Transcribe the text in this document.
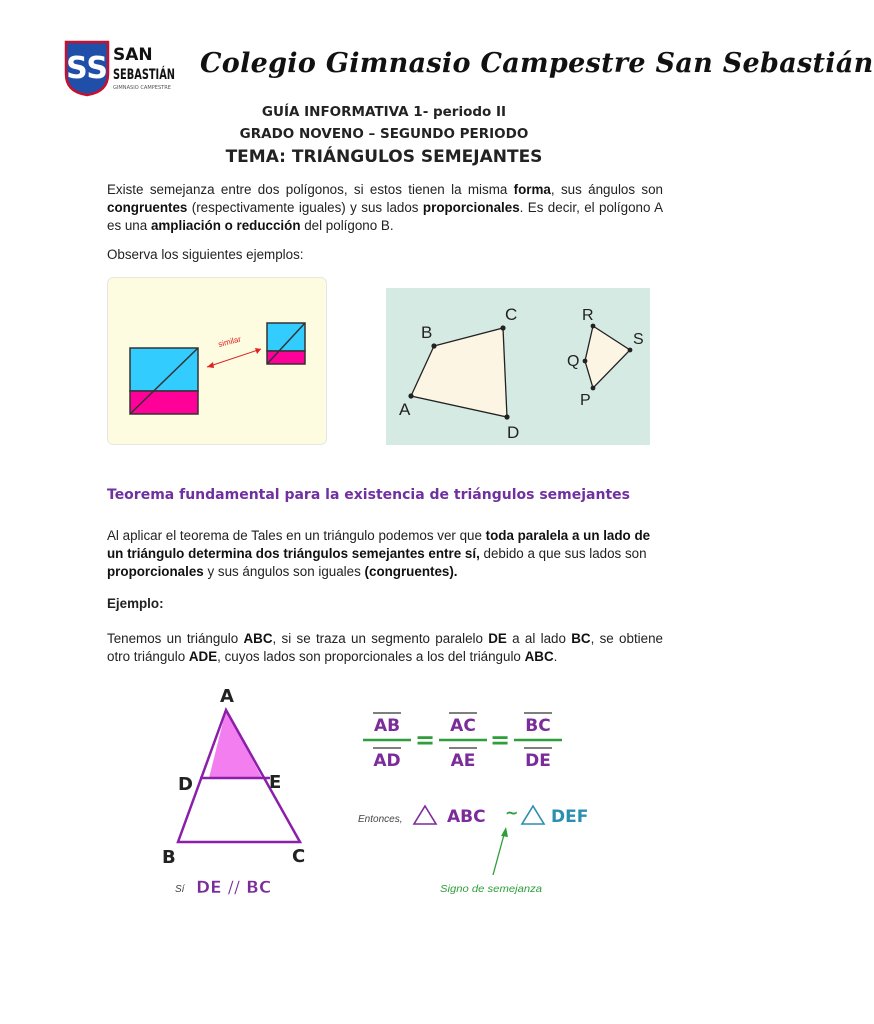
SS SAN
SEBASTIÁN
GIMNASIO CAMPESTRE
Colegio Gimnasio Campestre San Sebastián
GUÍA INFORMATIVA 1- periodo II
GRADO NOVENO – SEGUNDO PERIODO
TEMA: TRIÁNGULOS SEMEJANTES

Existe semejanza entre dos polígonos, si estos tienen la misma forma, sus ángulos son congruentes (respectivamente iguales) y sus lados proporcionales. Es decir, el polígono A es una ampliación o reducción del polígono B.

Observa los siguientes ejemplos:

similar
A
B
C
D
P
Q
R
S
Teorema fundamental para la existencia de triángulos semejantes

Al aplicar el teorema de Tales en un triángulo podemos ver que toda paralela a un lado de un triángulo determina dos triángulos semejantes entre sí, debido a que sus lados son proporcionales y sus ángulos son iguales (congruentes).

Ejemplo:

Tenemos un triángulo ABC, si se traza un segmento paralelo DE a al lado BC, se obtiene otro triángulo ADE, cuyos lados son proporcionales a los del triángulo ABC.

A
D	E
B	C
Sí DE // BC
AB
AD
= AC
AE
= BC
DE
Entonces,	ABC ~ DEF
Signo de semejanza
